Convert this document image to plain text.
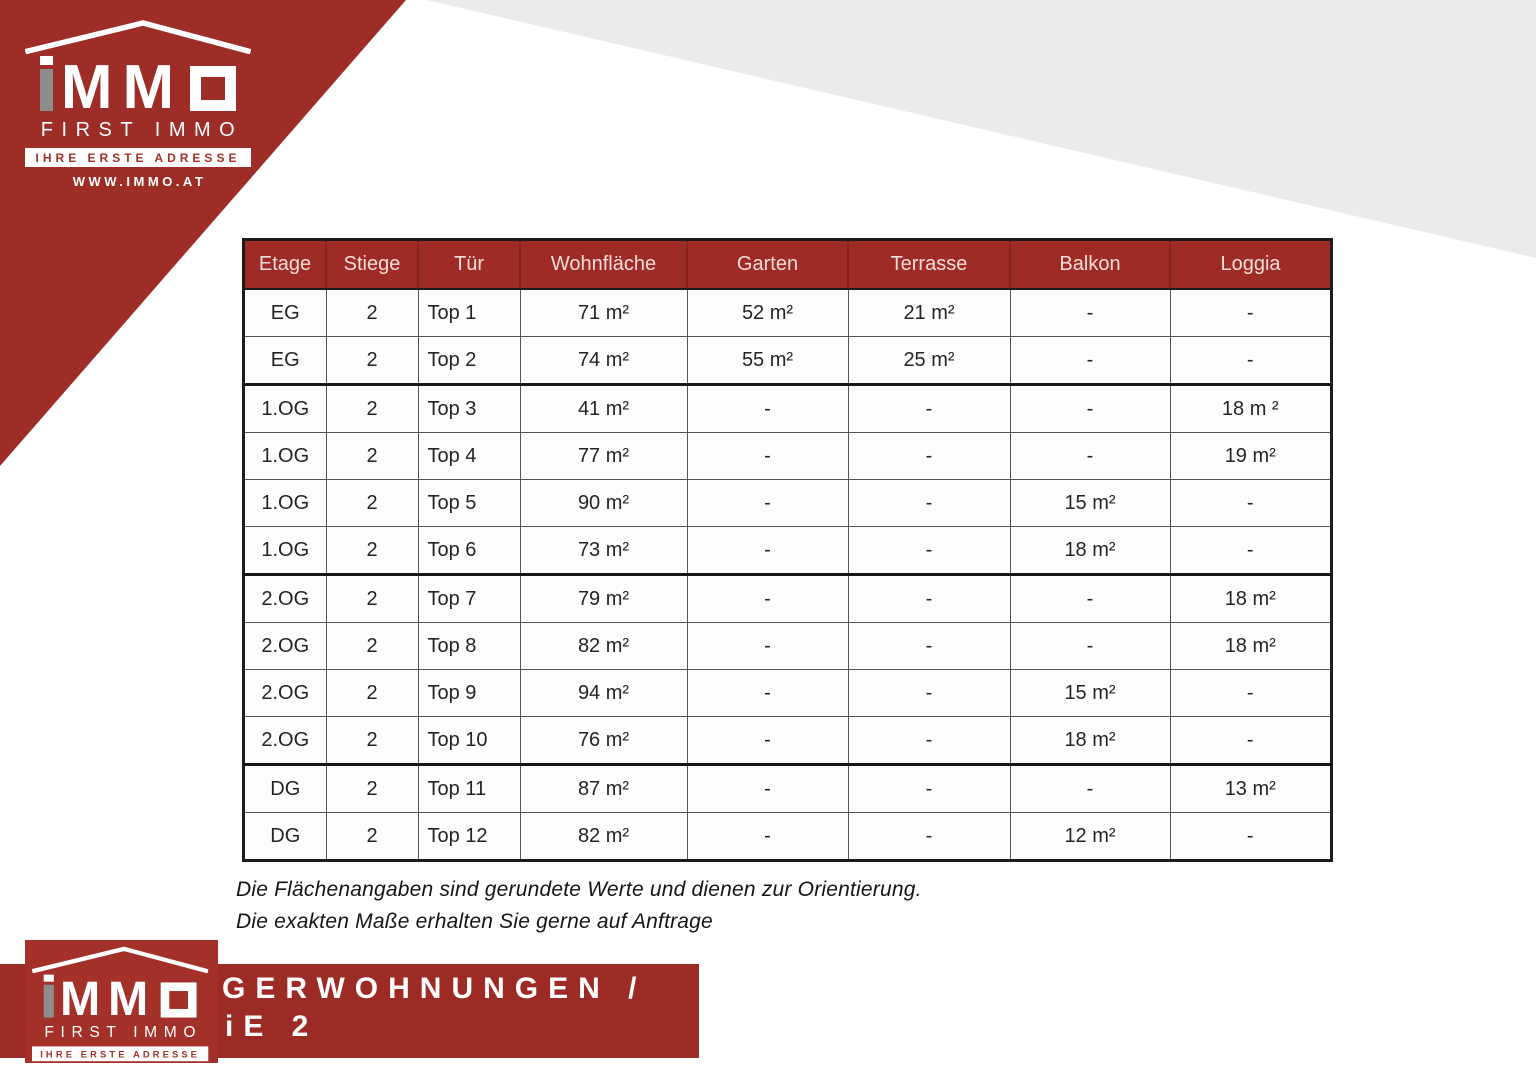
MM
FIRST IMMO
IHRE ERSTE ADRESSE
WWW.IMMO.AT
Etage	Stiege	Tür	Wohnfläche	Garten	Terrasse	Balkon	Loggia
EG	2	Top 1	71 m²	52 m²	21 m²	-	-
EG	2	Top 2	74 m²	55 m²	25 m²	-	-
1.OG	2	Top 3	41 m²	-	-	-	18 m ²
1.OG	2	Top 4	77 m²	-	-	-	19 m²
1.OG	2	Top 5	90 m²	-	-	15 m²	-
1.OG	2	Top 6	73 m²	-	-	18 m²	-
2.OG	2	Top 7	79 m²	-	-	-	18 m²
2.OG	2	Top 8	82 m²	-	-	-	18 m²
2.OG	2	Top 9	94 m²	-	-	15 m²	-
2.OG	2	Top 10	76 m²	-	-	18 m²	-
DG	2	Top 11	87 m²	-	-	-	13 m²
DG	2	Top 12	82 m²	-	-	12 m²	-
Die Flächenangaben sind gerundete Werte und dienen zur Orientierung.
Die exakten Maße erhalten Sie gerne auf Anftrage
GERWOHNUNGEN /
iE 2
MM
FIRST IMMO
IHRE ERSTE ADRESSE
WWW.IMMO.AT
